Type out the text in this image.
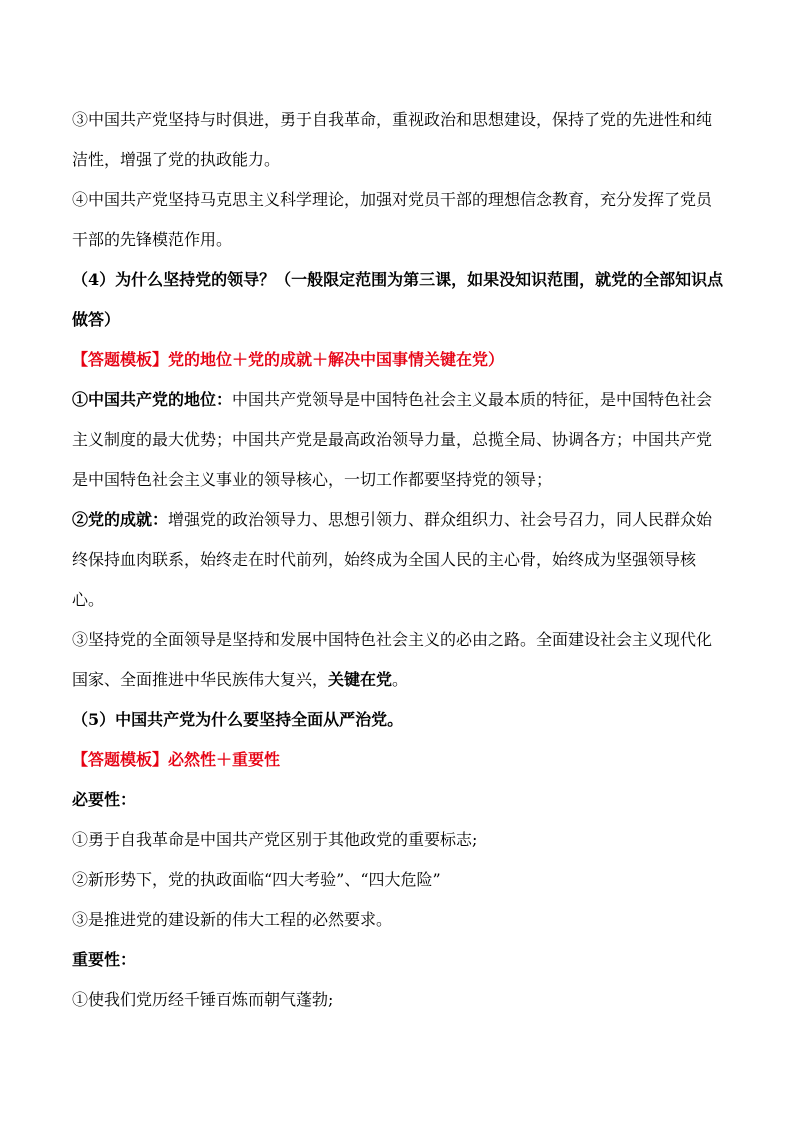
③中国共产党坚持与时俱进，勇于自我革命，重视政治和思想建设，保持了党的先进性和纯

洁性，增强了党的执政能力。

④中国共产党坚持马克思主义科学理论，加强对党员干部的理想信念教育，充分发挥了党员

干部的先锋模范作用。

（4）为什么坚持党的领导？（一般限定范围为第三课，如果没知识范围，就党的全部知识点

做答）

【答题模板】党的地位＋党的成就＋解决中国事情关键在党）

①中国共产党的地位：中国共产党领导是中国特色社会主义最本质的特征，是中国特色社会

主义制度的最大优势；中国共产党是最高政治领导力量，总揽全局、协调各方；中国共产党

是中国特色社会主义事业的领导核心，一切工作都要坚持党的领导；

②党的成就：增强党的政治领导力、思想引领力、群众组织力、社会号召力，同人民群众始

终保持血肉联系，始终走在时代前列，始终成为全国人民的主心骨，始终成为坚强领导核

心。

③坚持党的全面领导是坚持和发展中国特色社会主义的必由之路。全面建设社会主义现代化

国家、全面推进中华民族伟大复兴，关键在党。

（5）中国共产党为什么要坚持全面从严治党。

【答题模板】必然性＋重要性

必要性：

①勇于自我革命是中国共产党区别于其他政党的重要标志;

②新形势下，党的执政面临“四大考验”、“四大危险”

③是推进党的建设新的伟大工程的必然要求。

重要性：

①使我们党历经千锤百炼而朝气蓬勃;
